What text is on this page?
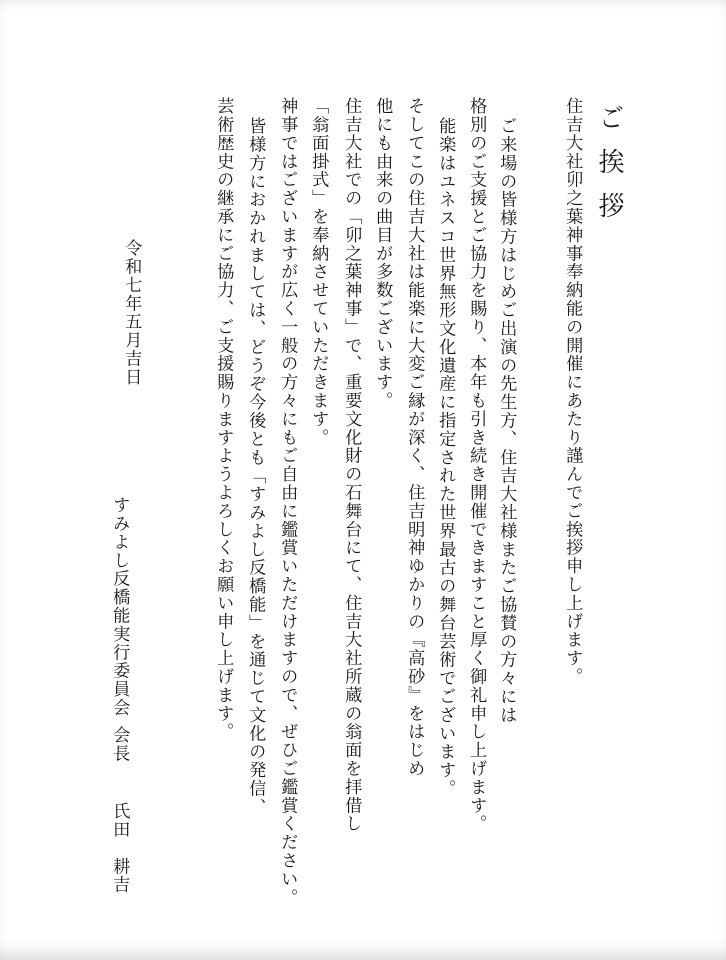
住吉大社卯之葉神事奉納能の開催にあたり謹んでご挨拶申し上げます。 ご挨拶
ご来場の皆様方はじめご出演の先生方、住吉大社様またご協賛の方々には
格別のご支援とご協力を賜り、本年も引き続き開催できますこと厚く御礼申し上げます。
能楽はユネスコ世界無形文化遺産に指定された世界最古の舞台芸術でございます。
そしてこの住吉大社は能楽に大変ご縁が深く、住吉明神ゆかりの『高砂』をはじめ
他にも由来の曲目が多数ございます。
住吉大社での「卯之葉神事」で、重要文化財の石舞台にて、住吉大社所蔵の翁面を拝借し
「翁面掛式」を奉納させていただきます。
神事ではございますが広く一般の方々にもご自由に鑑賞いただけますので、ぜひご鑑賞ください。
皆様方におかれましては、どうぞ今後とも「すみよし反橋能」を通じて文化の発信、
芸術歴史の継承にご協力、ご支援賜りますようよろしくお願い申し上げます。
令和七年五月吉日
すみよし反橋能実行委員会
会長
氏田　耕吉
